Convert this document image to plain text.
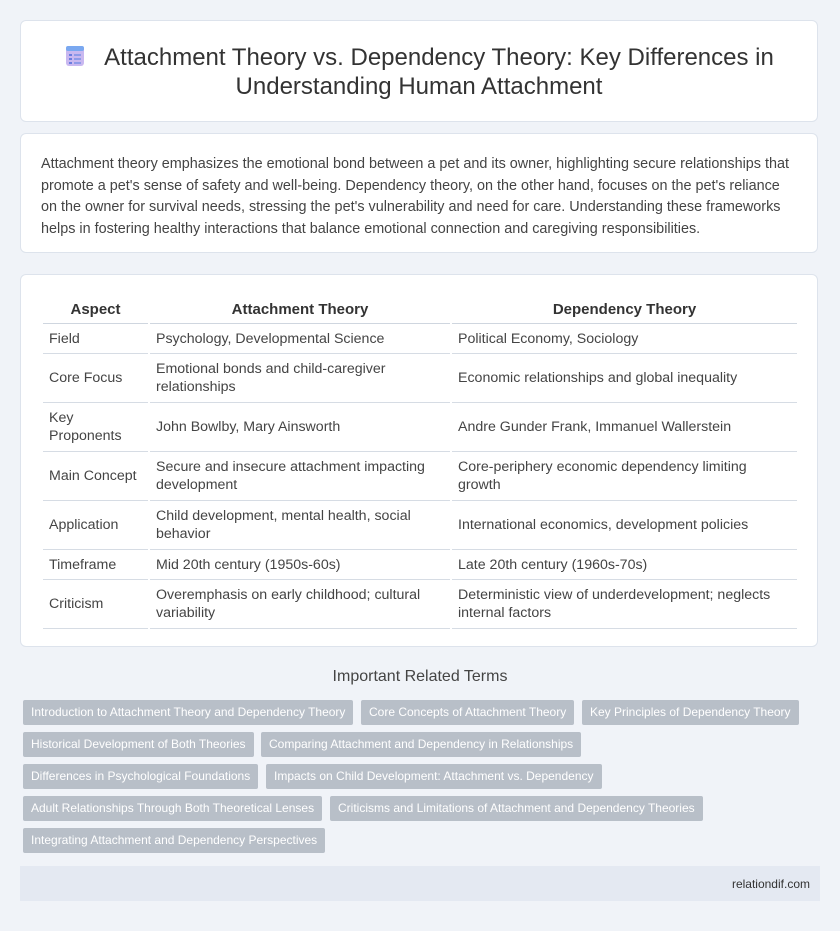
Attachment Theory vs. Dependency Theory: Key Differences in
Understanding Human Attachment

Attachment theory emphasizes the emotional bond between a pet and its owner, highlighting secure relationships that promote a pet's sense of safety and well-being. Dependency theory, on the other hand, focuses on the pet's reliance on the owner for survival needs, stressing the pet's vulnerability and need for care. Understanding these frameworks helps in fostering healthy interactions that balance emotional connection and caregiving responsibilities.

Aspect	Attachment Theory	Dependency Theory
Field	Psychology, Developmental Science	Political Economy, Sociology
Core Focus	Emotional bonds and child-caregiver relationships	Economic relationships and global inequality
Key Proponents	John Bowlby, Mary Ainsworth	Andre Gunder Frank, Immanuel Wallerstein
Main Concept	Secure and insecure attachment impacting development	Core-periphery economic dependency limiting growth
Application	Child development, mental health, social behavior	International economics, development policies
Timeframe	Mid 20th century (1950s-60s)	Late 20th century (1960s-70s)
Criticism	Overemphasis on early childhood; cultural variability	Deterministic view of underdevelopment; neglects internal factors
Important Related Terms
Introduction to Attachment Theory and Dependency Theory	Core Concepts of Attachment Theory	Key Principles of Dependency Theory
Historical Development of Both Theories	Comparing Attachment and Dependency in Relationships
Differences in Psychological Foundations	Impacts on Child Development: Attachment vs. Dependency
Adult Relationships Through Both Theoretical Lenses	Criticisms and Limitations of Attachment and Dependency Theories
Integrating Attachment and Dependency Perspectives
relationdif.com
